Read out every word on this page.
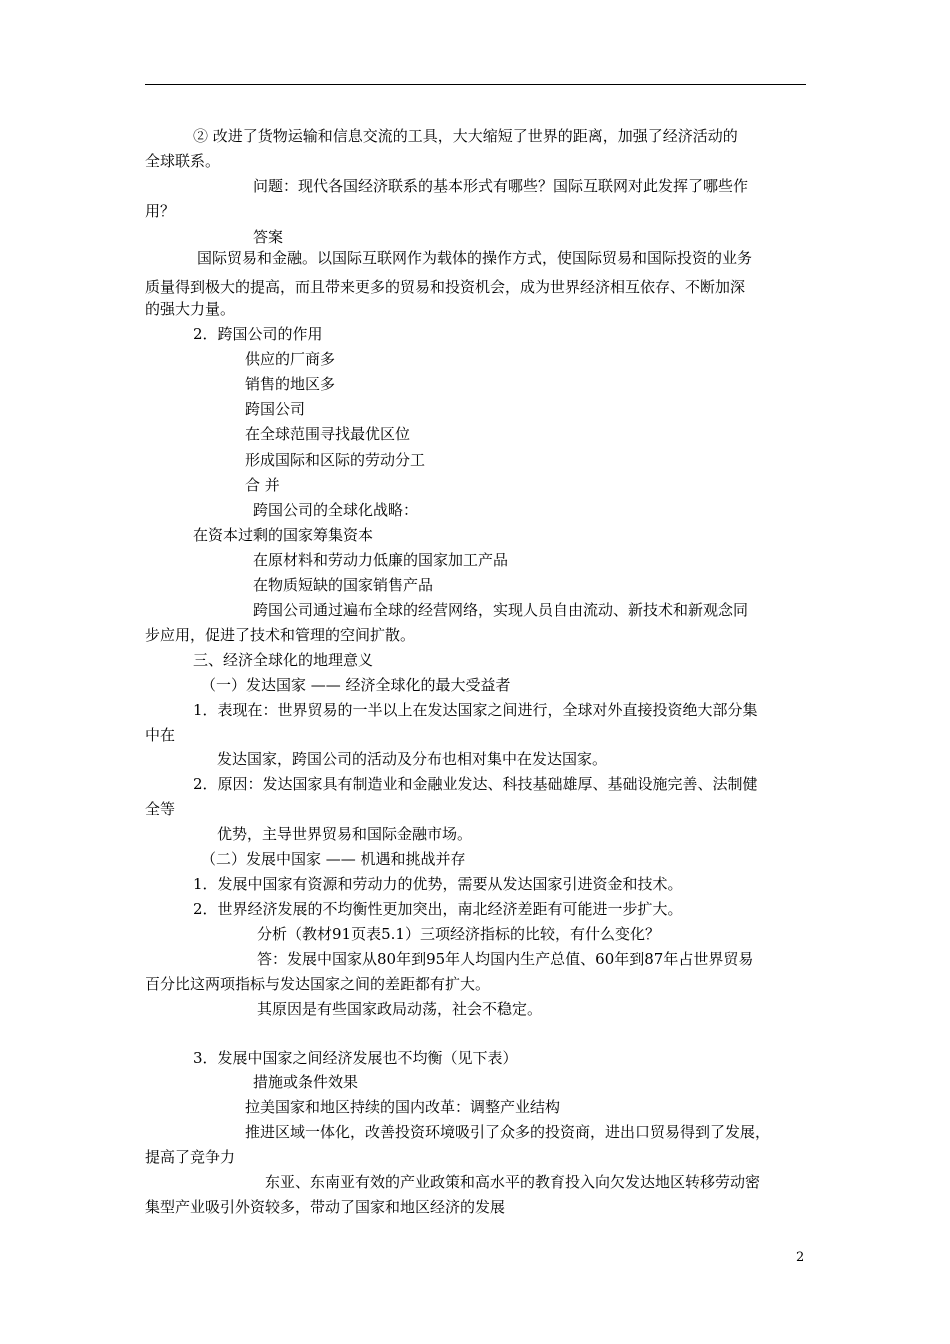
② 改进了货物运输和信息交流的工具，大大缩短了世界的距离，加强了经济活动的
全球联系。
问题：现代各国经济联系的基本形式有哪些？国际互联网对此发挥了哪些作
用？
答案
国际贸易和金融。以国际互联网作为载体的操作方式，使国际贸易和国际投资的业务
质量得到极大的提高，而且带来更多的贸易和投资机会，成为世界经济相互依存、不断加深
的强大力量。
2．跨国公司的作用
供应的厂商多
销售的地区多
跨国公司
在全球范围寻找最优区位
形成国际和区际的劳动分工
合 并
跨国公司的全球化战略：
在资本过剩的国家筹集资本
在原材料和劳动力低廉的国家加工产品
在物质短缺的国家销售产品
跨国公司通过遍布全球的经营网络，实现人员自由流动、新技术和新观念同
步应用，促进了技术和管理的空间扩散。
三、经济全球化的地理意义
（一）发达国家 —— 经济全球化的最大受益者
1．表现在：世界贸易的一半以上在发达国家之间进行，全球对外直接投资绝大部分集
中在
发达国家，跨国公司的活动及分布也相对集中在发达国家。
2．原因：发达国家具有制造业和金融业发达、科技基础雄厚、基础设施完善、法制健
全等
优势，主导世界贸易和国际金融市场。
（二）发展中国家 —— 机遇和挑战并存
1．发展中国家有资源和劳动力的优势，需要从发达国家引进资金和技术。
2．世界经济发展的不均衡性更加突出，南北经济差距有可能进一步扩大。
分析（教材91页表5.1）三项经济指标的比较，有什么变化？
答：发展中国家从80年到95年人均国内生产总值、60年到87年占世界贸易
百分比这两项指标与发达国家之间的差距都有扩大。
其原因是有些国家政局动荡，社会不稳定。
3．发展中国家之间经济发展也不均衡（见下表）
措施或条件效果
拉美国家和地区持续的国内改革：调整产业结构
推进区域一体化，改善投资环境吸引了众多的投资商，进出口贸易得到了发展，
提高了竞争力
东亚、东南亚有效的产业政策和高水平的教育投入向欠发达地区转移劳动密
集型产业吸引外资较多，带动了国家和地区经济的发展
2
